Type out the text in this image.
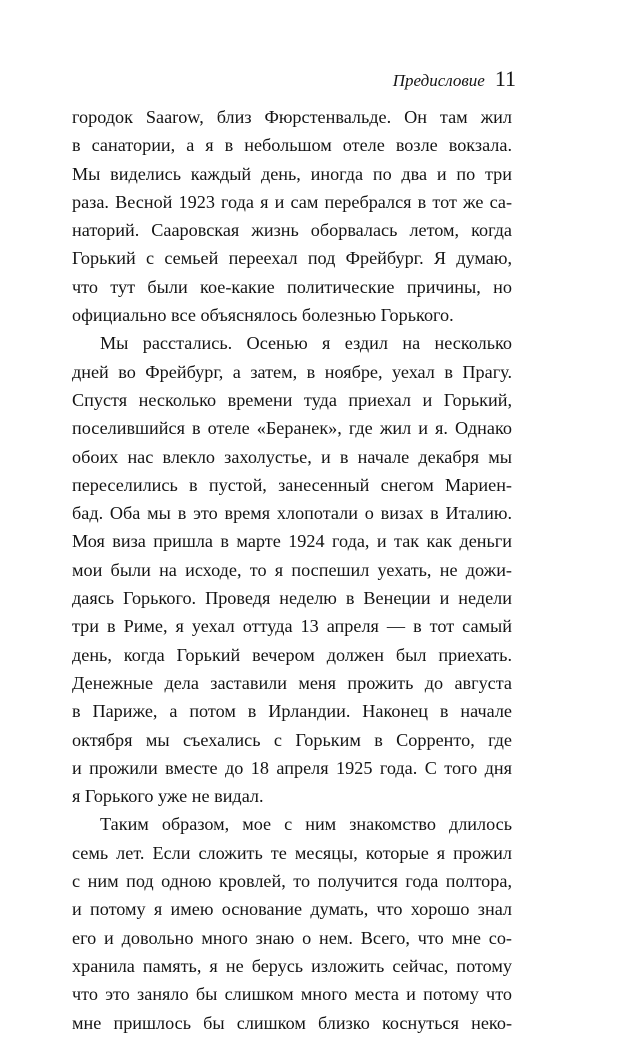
Предисловие 11
городок Saarow, близ Фюрстенвальде. Он там жил
в санатории, а я в небольшом отеле возле вокзала.
Мы виделись каждый день, иногда по два и по три
раза. Весной 1923 года я и сам перебрался в тот же са-
наторий. Сааровская жизнь оборвалась летом, когда
Горький с семьей переехал под Фрейбург. Я думаю,
что тут были кое-какие политические причины, но
официально все объяснялось болезнью Горького.
Мы расстались. Осенью я ездил на несколько
дней во Фрейбург, а затем, в ноябре, уехал в Прагу.
Спустя несколько времени туда приехал и Горький,
поселившийся в отеле «Беранек», где жил и я. Однако
обоих нас влекло захолустье, и в начале декабря мы
переселились в пустой, занесенный снегом Мариен-
бад. Оба мы в это время хлопотали о визах в Италию.
Моя виза пришла в марте 1924 года, и так как деньги
мои были на исходе, то я поспешил уехать, не дожи-
даясь Горького. Проведя неделю в Венеции и недели
три в Риме, я уехал оттуда 13 апреля — в тот самый
день, когда Горький вечером должен был приехать.
Денежные дела заставили меня прожить до августа
в Париже, а потом в Ирландии. Наконец в начале
октября мы съехались с Горьким в Сорренто, где
и прожили вместе до 18 апреля 1925 года. С того дня
я Горького уже не видал.
Таким образом, мое с ним знакомство длилось
семь лет. Если сложить те месяцы, которые я прожил
с ним под одною кровлей, то получится года полтора,
и потому я имею основание думать, что хорошо знал
его и довольно много знаю о нем. Всего, что мне со-
хранила память, я не берусь изложить сейчас, потому
что это заняло бы слишком много места и потому что
мне пришлось бы слишком близко коснуться неко-
